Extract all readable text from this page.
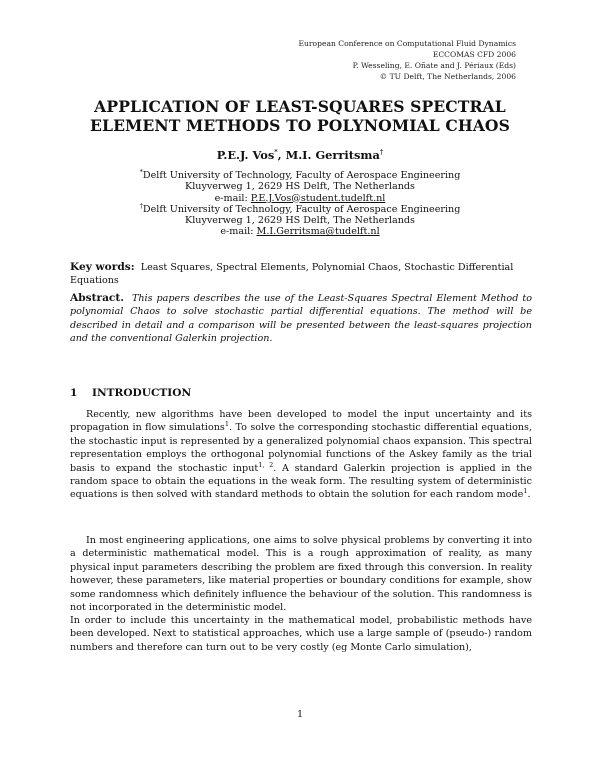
European Conference on Computational Fluid Dynamics
ECCOMAS CFD 2006
P. Wesseling, E. Oñate and J. Périaux (Eds)
© TU Delft, The Netherlands, 2006
APPLICATION OF LEAST-SQUARES SPECTRAL
ELEMENT METHODS TO POLYNOMIAL CHAOS
P.E.J. Vos*, M.I. Gerritsma†
*Delft University of Technology, Faculty of Aerospace Engineering
Kluyverweg 1, 2629 HS Delft, The Netherlands
e-mail: P.E.J.Vos@student.tudelft.nl
†Delft University of Technology, Faculty of Aerospace Engineering
Kluyverweg 1, 2629 HS Delft, The Netherlands
e-mail: M.I.Gerritsma@tudelft.nl
Key words: Least Squares, Spectral Elements, Polynomial Chaos, Stochastic Differential Equations
Abstract. This papers describes the use of the Least-Squares Spectral Element Method to polynomial Chaos to solve stochastic partial differential equations. The method will be described in detail and a comparison will be presented between the least-squares projection and the conventional Galerkin projection.
1 INTRODUCTION

Recently, new algorithms have been developed to model the input uncertainty and its propagation in flow simulations$^1$. To solve the corresponding stochastic differential equations, the stochastic input is represented by a generalized polynomial chaos expansion. This spectral representation employs the orthogonal polynomial functions of the Askey family as the trial basis to expand the stochastic input$^{1, 2}$. A standard Galerkin projection is applied in the random space to obtain the equations in the weak form. The resulting system of deterministic equations is then solved with standard methods to obtain the solution for each random mode$^1$.

In most engineering applications, one aims to solve physical problems by converting it into a deterministic mathematical model. This is a rough approximation of reality, as many physical input parameters describing the problem are fixed through this conversion. In reality however, these parameters, like material properties or boundary conditions for example, show some randomness which definitely influence the behaviour of the solution. This randomness is not incorporated in the deterministic model.

In order to include this uncertainty in the mathematical model, probabilistic methods have been developed. Next to statistical approaches, which use a large sample of (pseudo-) random numbers and therefore can turn out to be very costly (eg Monte Carlo simulation),

1
